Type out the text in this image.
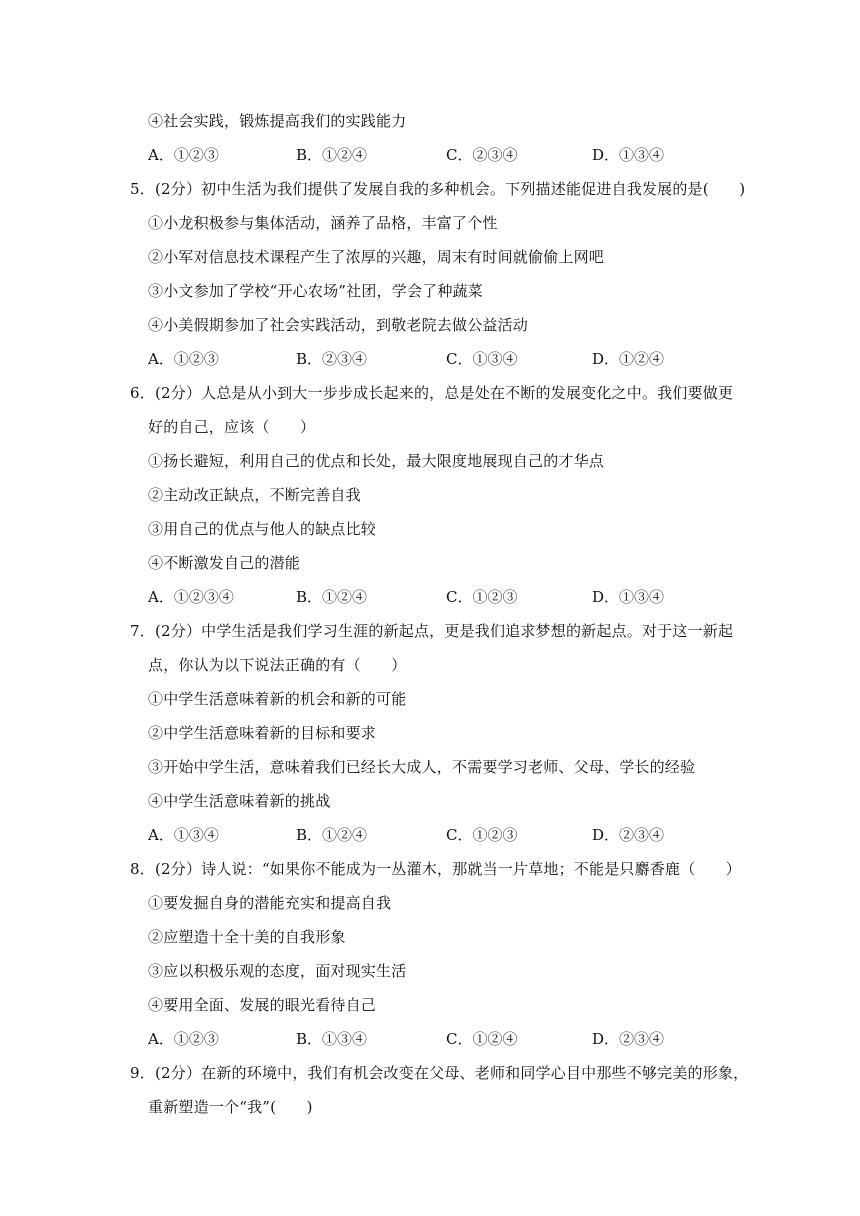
④社会实践，锻炼提高我们的实践能力
A．①②③	B．①②④	C．②③④	D．①③④
5．(2分）初中生活为我们提供了发展自我的多种机会。下列描述能促进自我发展的是(　　)
①小龙积极参与集体活动，涵养了品格，丰富了个性
②小军对信息技术课程产生了浓厚的兴趣，周末有时间就偷偷上网吧
③小文参加了学校“开心农场”社团，学会了种蔬菜
④小美假期参加了社会实践活动，到敬老院去做公益活动
A．①②③	B．②③④	C．①③④	D．①②④
6．(2分）人总是从小到大一步步成长起来的，总是处在不断的发展变化之中。我们要做更
好的自己，应该（　　）
①扬长避短，利用自己的优点和长处，最大限度地展现自己的才华点
②主动改正缺点，不断完善自我
③用自己的优点与他人的缺点比较
④不断激发自己的潜能
A．①②③④	B．①②④	C．①②③	D．①③④
7．(2分）中学生活是我们学习生涯的新起点，更是我们追求梦想的新起点。对于这一新起
点，你认为以下说法正确的有（　　）
①中学生活意味着新的机会和新的可能
②中学生活意味着新的目标和要求
③开始中学生活，意味着我们已经长大成人，不需要学习老师、父母、学长的经验
④中学生活意味着新的挑战
A．①③④	B．①②④	C．①②③	D．②③④
8．(2分）诗人说：“如果你不能成为一丛灌木，那就当一片草地；不能是只麝香鹿（　　）
①要发掘自身的潜能充实和提高自我
②应塑造十全十美的自我形象
③应以积极乐观的态度，面对现实生活
④要用全面、发展的眼光看待自己
A．①②③	B．①③④	C．①②④	D．②③④
9．(2分）在新的环境中，我们有机会改变在父母、老师和同学心目中那些不够完美的形象，
重新塑造一个“我”(　　)
